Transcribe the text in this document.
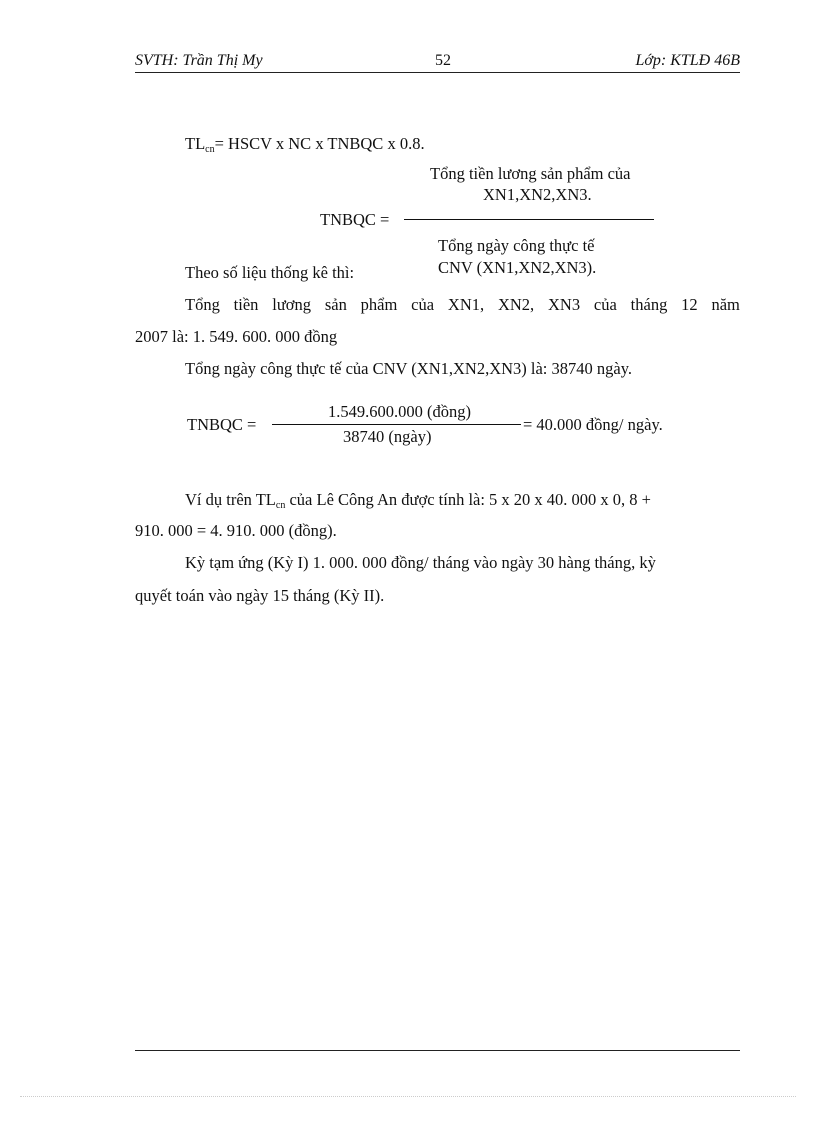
SVTH: Trần Thị My	52	Lớp: KTLĐ 46B
$TL_{cn}=$ HSCV x NC x TNBQC x 0.8.
Tổng tiền lương sản phẩm của
XN1,XN2,XN3.
TNBQC =
Tổng ngày công thực tế
CNV (XN1,XN2,XN3).
Theo số liệu thống kê thì:
Tổng tiền lương sản phẩm của XN1, XN2, XN3 của tháng 12 năm
2007 là: 1. 549. 600. 000 đồng
Tổng ngày công thực tế của CNV (XN1,XN2,XN3) là: 38740 ngày.
1.549.600.000 (đồng)
TNBQC =	= 40.000 đồng/ ngày.
38740 (ngày)
Ví dụ trên $TL_{cn}$ của Lê Công An được tính là: 5 x 20 x 40. 000 x 0, 8 +
910. 000 = 4. 910. 000 (đồng).
Kỳ tạm ứng (Kỳ I) 1. 000. 000 đồng/ tháng vào ngày 30 hàng tháng, kỳ
quyết toán vào ngày 15 tháng (Kỳ II).
